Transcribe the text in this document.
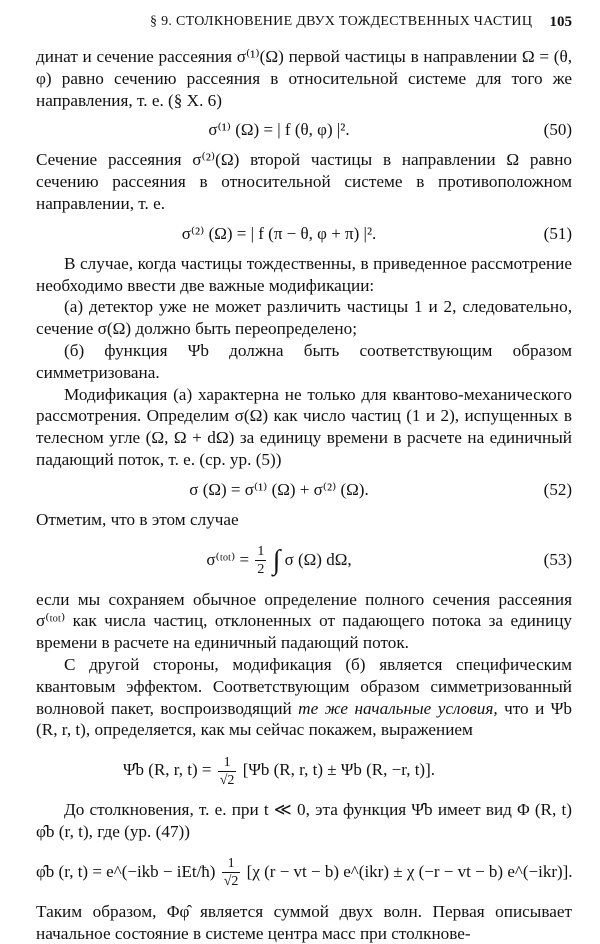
§ 9. СТОЛКНОВЕНИЕ ДВУХ ТОЖДЕСТВЕННЫХ ЧАСТИЦ 105

динат и сечение рассеяния σ⁽¹⁾(Ω) первой частицы в направлении Ω = (θ, φ) равно сечению рассеяния в относительной системе для того же направления, т. е. (§ X. 6)

σ⁽¹⁾ (Ω) = | f (θ, φ) |².	(50)

Сечение рассеяния σ⁽²⁾(Ω) второй частицы в направлении Ω равно сечению рассеяния в относительной системе в противоположном направлении, т. е.

σ⁽²⁾ (Ω) = | f (π − θ, φ + π) |².	(51)

В случае, когда частицы тождественны, в приведенное рассмотрение необходимо ввести две важные модификации:

(а) детектор уже не может различить частицы 1 и 2, следовательно, сечение σ(Ω) должно быть переопределено;

(б) функция Ψb должна быть соответствующим образом симметризована.

Модификация (а) характерна не только для квантово-механического рассмотрения. Определим σ(Ω) как число частиц (1 и 2), испущенных в телесном угле (Ω, Ω + dΩ) за единицу времени в расчете на единичный падающий поток, т. е. (ср. ур. (5))

σ (Ω) = σ⁽¹⁾ (Ω) + σ⁽²⁾ (Ω).	(52)

Отметим, что в этом случае

σ⁽ᵗᵒᵗ⁾ = $\frac{1}{2}$ ∫ σ (Ω) dΩ,	(53)

если мы сохраняем обычное определение полного сечения рассеяния σ⁽ᵗᵒᵗ⁾ как числа частиц, отклоненных от падающего потока за единицу времени в расчете на единичный падающий поток.

С другой стороны, модификация (б) является специфическим квантовым эффектом. Соответствующим образом симметризованный волновой пакет, воспроизводящий те же начальные условия, что и Ψb (R, r, t), определяется, как мы сейчас покажем, выражением

Ψ̂b (R, r, $t) = \frac{1}{√2} [\Psi b$ (R, r, t) ± Ψb (R, −r, t)].

До столкновения, т. е. при t ≪ 0, эта функция Ψ̂b имеет вид Φ (R, t) φ̂b (r, t), где (ур. (47))

φ̂b (r, t) = e^(−ikb − iEt/ħ) $\frac{1}{√2} [\chi$ (r − vt − b) e^(ikr) ± χ (−r − vt − b) e^(−ikr)].

Таким образом, Φφ̂ является суммой двух волн. Первая описывает начальное состояние в системе центра масс при столкнове-
